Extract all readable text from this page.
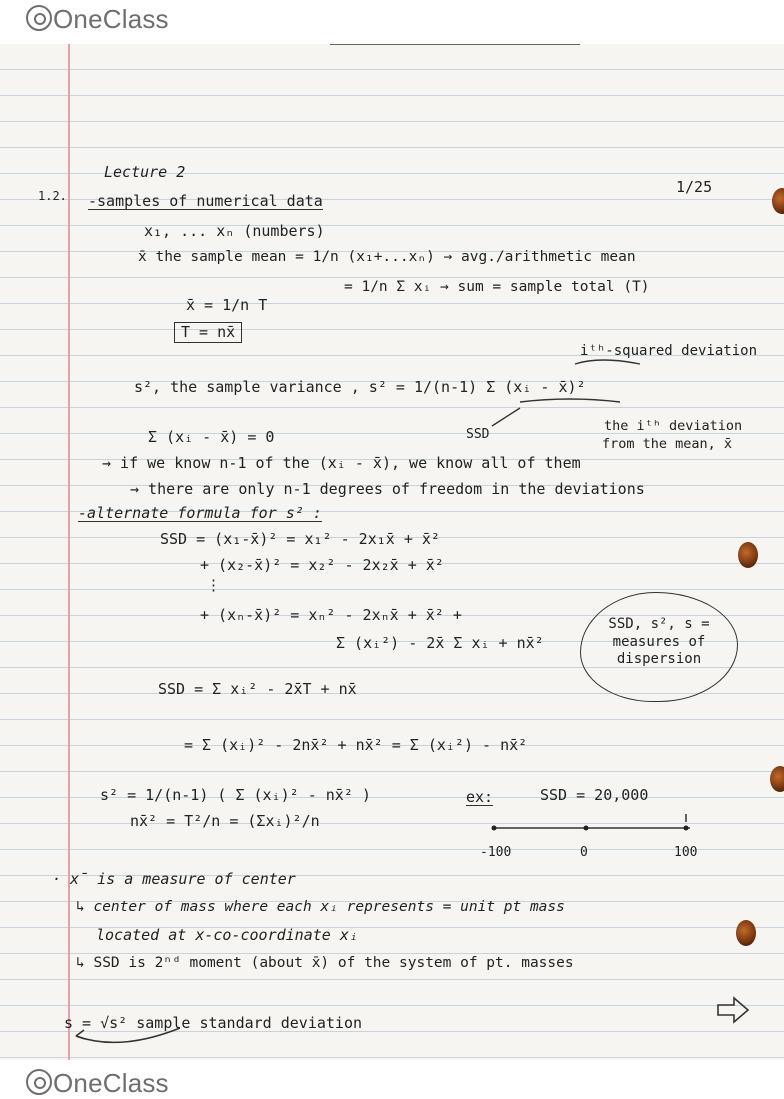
OneClass
1.2.	1/25
Lecture 2
-samples of numerical data
x₁, ... xₙ (numbers)
x̄ the sample mean = 1/n (x₁+...xₙ) → avg./arithmetic mean
= 1/n Σ xᵢ → sum = sample total (T)
x̄ = 1/n T
T = nx̄
iᵗʰ-squared deviation
s², the sample variance , s² = 1/(n-1) Σ (xᵢ - x̄)²
Σ (xᵢ - x̄) = 0	SSD
the iᵗʰ deviation
from the mean, x̄
→ if we know n-1 of the (xᵢ - x̄), we know all of them
→ there are only n-1 degrees of freedom in the deviations
-alternate formula for s² :
SSD = (x₁-x̄)² = x₁² - 2x₁x̄ + x̄²
+ (x₂-x̄)² = x₂² - 2x₂x̄ + x̄²
⋮
+ (xₙ-x̄)² = xₙ² - 2xₙx̄ + x̄² +
Σ (xᵢ²) - 2x̄ Σ xᵢ + nx̄²
SSD = Σ xᵢ² - 2x̄T + nx̄
= Σ (xᵢ)² - 2nx̄² + nx̄² = Σ (xᵢ²) - nx̄²
s² = 1/(n-1) ( Σ (xᵢ)² - nx̄² )
nx̄² = T²/n = (Σxᵢ)²/n
ex:	SSD = 20,000
-100	0	100
· x̄ is a measure of center
↳ center of mass where each xᵢ represents = unit pt mass
located at x-co-coordinate xᵢ
↳ SSD is 2ⁿᵈ moment (about x̄) of the system of pt. masses
s = √s² sample standard deviation
SSD, s², s =
measures of
dispersion
OneClass
